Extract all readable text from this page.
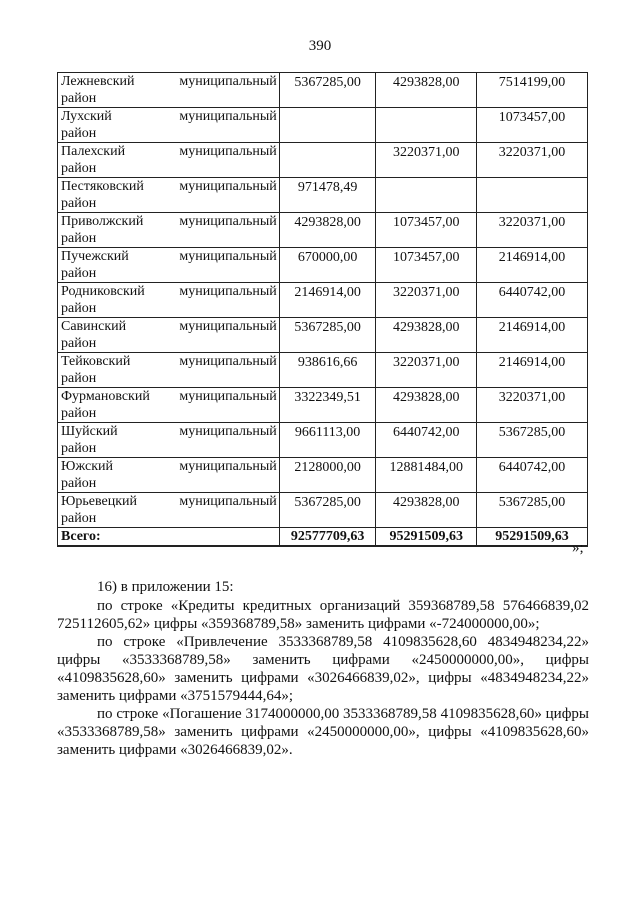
390
Лежневский муниципальный
район	5367285,00	4293828,00	7514199,00

Лухский муниципальный
район			1073457,00

Палехский муниципальный
район		3220371,00	3220371,00

Пестяковский муниципальный
район	971478,49		

Приволжский муниципальный
район	4293828,00	1073457,00	3220371,00

Пучежский муниципальный
район	670000,00	1073457,00	2146914,00

Родниковский муниципальный
район	2146914,00	3220371,00	6440742,00

Савинский муниципальный
район	5367285,00	4293828,00	2146914,00

Тейковский муниципальный
район	938616,66	3220371,00	2146914,00

Фурмановский муниципальный
район	3322349,51	4293828,00	3220371,00

Шуйский муниципальный
район	9661113,00	6440742,00	5367285,00

Южский муниципальный
район	2128000,00	12881484,00	6440742,00

Юрьевецкий муниципальный
район	5367285,00	4293828,00	5367285,00
Всего:	92577709,63	95291509,63	95291509,63
»;

16) в приложении 15:

по строке «Кредиты кредитных организаций 359368789,58 576466839,02 725112605,62» цифры «359368789,58» заменить цифрами «-724000000,00»;

по строке «Привлечение 3533368789,58 4109835628,60 4834948234,22» цифры «3533368789,58» заменить цифрами «2450000000,00», цифры «4109835628,60» заменить цифрами «3026466839,02», цифры «4834948234,22» заменить цифрами «3751579444,64»;

по строке «Погашение 3174000000,00 3533368789,58 4109835628,60» цифры «3533368789,58» заменить цифрами «2450000000,00», цифры «4109835628,60» заменить цифрами «3026466839,02».
